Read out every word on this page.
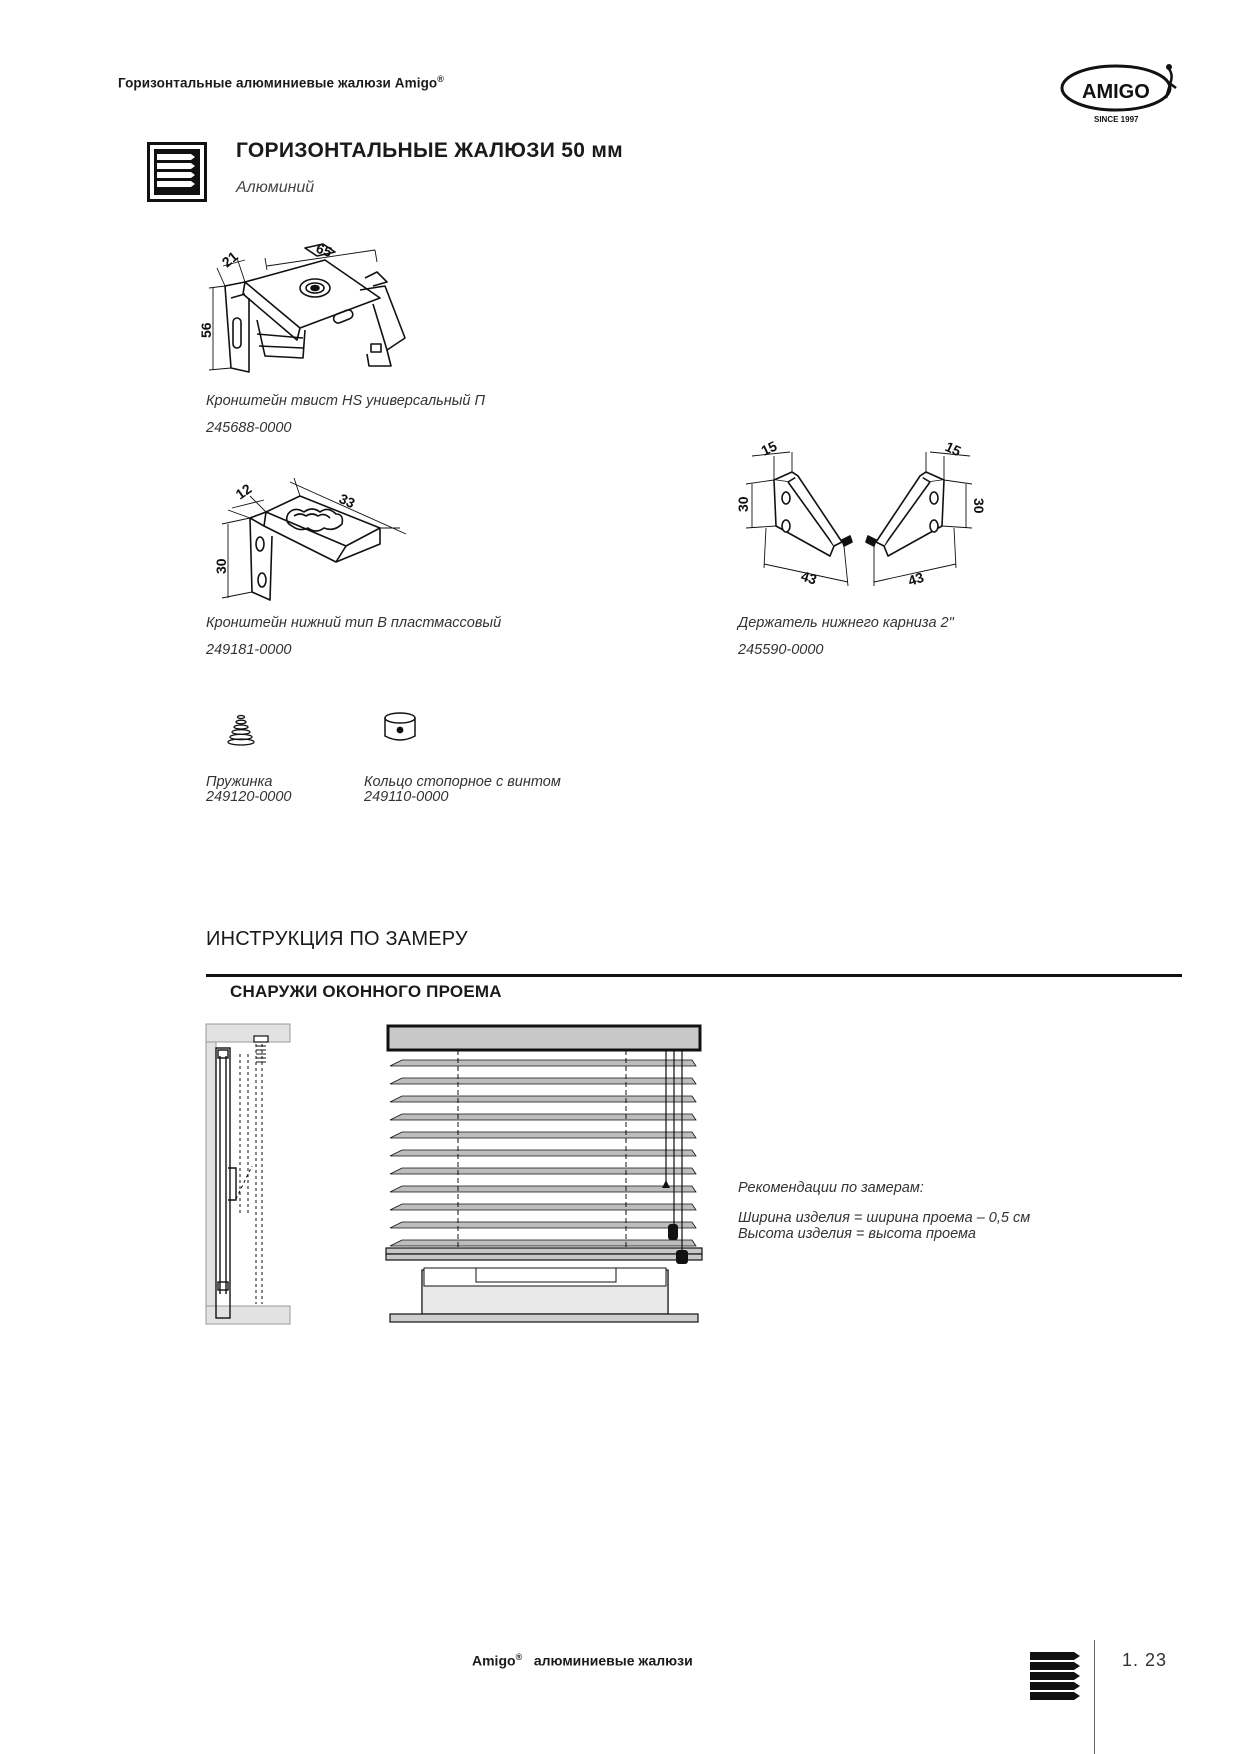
Горизонтальные алюминиевые жалюзи Amigo®
AMIGO
SINCE 1997
ГОРИЗОНТАЛЬНЫЕ ЖАЛЮЗИ 50 мм
Алюминий
21	65
56
Кронштейн твист HS универсальный П
245688-0000
12	33
30
Кронштейн нижний тип В пластмассовый
249181-0000
15
30
43
15
30
43
Держатель нижнего карниза 2"
245590-0000
Пружинка
249120-0000
Кольцо стопорное с винтом
249110-0000
ИНСТРУКЦИЯ ПО ЗАМЕРУ
СНАРУЖИ ОКОННОГО ПРОЕМА
Рекомендации по замерам:
Ширина изделия = ширина проема – 0,5 см
Высота изделия = высота проема
Amigo® алюминиевые жалюзи	1. 23
